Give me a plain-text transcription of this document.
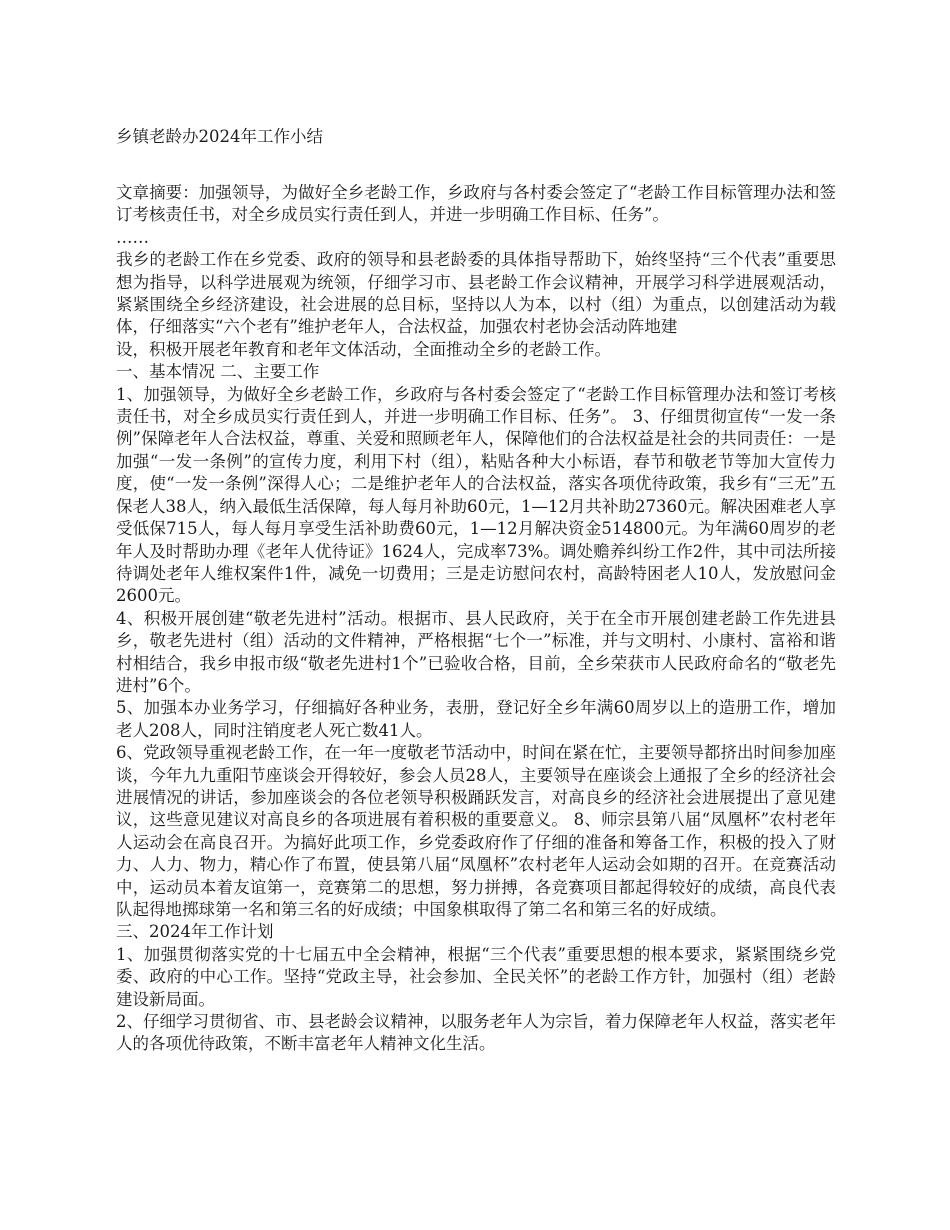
乡镇老龄办2024年工作小结

文章摘要：加强领导，为做好全乡老龄工作，乡政府与各村委会签定了“老龄工作目标管理办法和签订考核责任书，对全乡成员实行责任到人，并进一步明确工作目标、任务”。

……

我乡的老龄工作在乡党委、政府的领导和县老龄委的具体指导帮助下，始终坚持“三个代表”重要思想为指导，以科学进展观为统领，仔细学习市、县老龄工作会议精神，开展学习科学进展观活动，紧紧围绕全乡经济建设，社会进展的总目标，坚持以人为本，以村（组）为重点，以创建活动为载体，仔细落实“六个老有”维护老年人，合法权益，加强农村老协会活动阵地建

设，积极开展老年教育和老年文体活动，全面推动全乡的老龄工作。

一、基本情况 二、主要工作

1、加强领导，为做好全乡老龄工作，乡政府与各村委会签定了“老龄工作目标管理办法和签订考核责任书，对全乡成员实行责任到人，并进一步明确工作目标、任务”。 3、仔细贯彻宣传“一发一条例”保障老年人合法权益，尊重、关爱和照顾老年人，保障他们的合法权益是社会的共同责任：一是加强“一发一条例”的宣传力度，利用下村（组），粘贴各种大小标语，春节和敬老节等加大宣传力度，使“一发一条例”深得人心；二是维护老年人的合法权益，落实各项优待政策，我乡有“三无”五保老人38人，纳入最低生活保障，每人每月补助60元，1—12月共补助27360元。解决困难老人享受低保715人，每人每月享受生活补助费60元，1—12月解决资金514800元。为年满60周岁的老年人及时帮助办理《老年人优待证》1624人，完成率73%。调处赡养纠纷工作2件，其中司法所接待调处老年人维权案件1件，减免一切费用；三是走访慰问农村，高龄特困老人10人，发放慰问金2600元。

4、积极开展创建“敬老先进村”活动。根据市、县人民政府，关于在全市开展创建老龄工作先进县乡，敬老先进村（组）活动的文件精神，严格根据“七个一”标准，并与文明村、小康村、富裕和谐村相结合，我乡申报市级“敬老先进村1个”已验收合格，目前，全乡荣获市人民政府命名的“敬老先进村”6个。

5、加强本办业务学习，仔细搞好各种业务，表册，登记好全乡年满60周岁以上的造册工作，增加老人208人，同时注销度老人死亡数41人。

6、党政领导重视老龄工作，在一年一度敬老节活动中，时间在紧在忙，主要领导都挤出时间参加座谈，今年九九重阳节座谈会开得较好，参会人员28人，主要领导在座谈会上通报了全乡的经济社会进展情况的讲话，参加座谈会的各位老领导积极踊跃发言，对高良乡的经济社会进展提出了意见建议，这些意见建议对高良乡的各项进展有着积极的重要意义。 8、师宗县第八届“凤凰杯”农村老年人运动会在高良召开。为搞好此项工作，乡党委政府作了仔细的准备和筹备工作，积极的投入了财力、人力、物力，精心作了布置，使县第八届“凤凰杯”农村老年人运动会如期的召开。在竞赛活动中，运动员本着友谊第一，竞赛第二的思想，努力拼搏，各竞赛项目都起得较好的成绩，高良代表队起得地掷球第一名和第三名的好成绩；中国象棋取得了第二名和第三名的好成绩。

三、2024年工作计划

1、加强贯彻落实党的十七届五中全会精神，根据“三个代表”重要思想的根本要求，紧紧围绕乡党委、政府的中心工作。坚持“党政主导，社会参加、全民关怀”的老龄工作方针，加强村（组）老龄建设新局面。

2、仔细学习贯彻省、市、县老龄会议精神，以服务老年人为宗旨，着力保障老年人权益，落实老年人的各项优待政策，不断丰富老年人精神文化生活。
